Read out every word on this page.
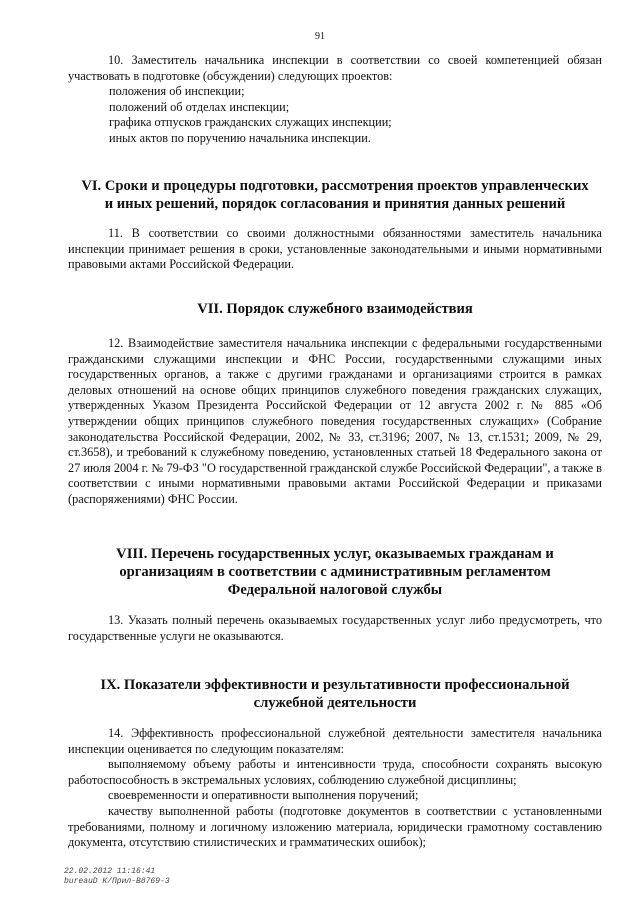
91

10. Заместитель начальника инспекции в соответствии со своей компетенцией обязан участвовать в подготовке (обсуждении) следующих проектов:

положения об инспекции;

положений об отделах инспекции;

графика отпусков гражданских служащих инспекции;

иных актов по поручению начальника инспекции.

VI. Сроки и процедуры подготовки, рассмотрения проектов управленческих
и иных решений, порядок согласования и принятия данных решений

11. В соответствии со своими должностными обязанностями заместитель начальника инспекции принимает решения в сроки, установленные законодательными и иными нормативными правовыми актами Российской Федерации.

VII. Порядок служебного взаимодействия

12. Взаимодействие заместителя начальника инспекции с федеральными государственными гражданскими служащими инспекции и ФНС России, государственными служащими иных государственных органов, а также с другими гражданами и организациями строится в рамках деловых отношений на основе общих принципов служебного поведения гражданских служащих, утвержденных Указом Президента Российской Федерации от 12 августа 2002 г. № 885 «Об утверждении общих принципов служебного поведения государственных служащих» (Собрание законодательства Российской Федерации, 2002, № 33, ст.3196; 2007, № 13, ст.1531; 2009, № 29, ст.3658), и требований к служебному поведению, установленных статьей 18 Федерального закона от 27 июля 2004 г. № 79-ФЗ "О государственной гражданской службе Российской Федерации", а также в соответствии с иными нормативными правовыми актами Российской Федерации и приказами (распоряжениями) ФНС России.

VIII. Перечень государственных услуг, оказываемых гражданам и
организациям в соответствии с административным регламентом
Федеральной налоговой службы

13. Указать полный перечень оказываемых государственных услуг либо предусмотреть, что государственные услуги не оказываются.

IX. Показатели эффективности и результативности профессиональной
служебной деятельности

14. Эффективность профессиональной служебной деятельности заместителя начальника инспекции оценивается по следующим показателям:

выполняемому объему работы и интенсивности труда, способности сохранять высокую работоспособность в экстремальных условиях, соблюдению служебной дисциплины;

своевременности и оперативности выполнения поручений;

качеству выполненной работы (подготовке документов в соответствии с установленными требованиями, полному и логичному изложению материала, юридически грамотному составлению документа, отсутствию стилистических и грамматических ошибок);

22.02.2012 11:16:41
bureauD К/Прил-B8769-3
